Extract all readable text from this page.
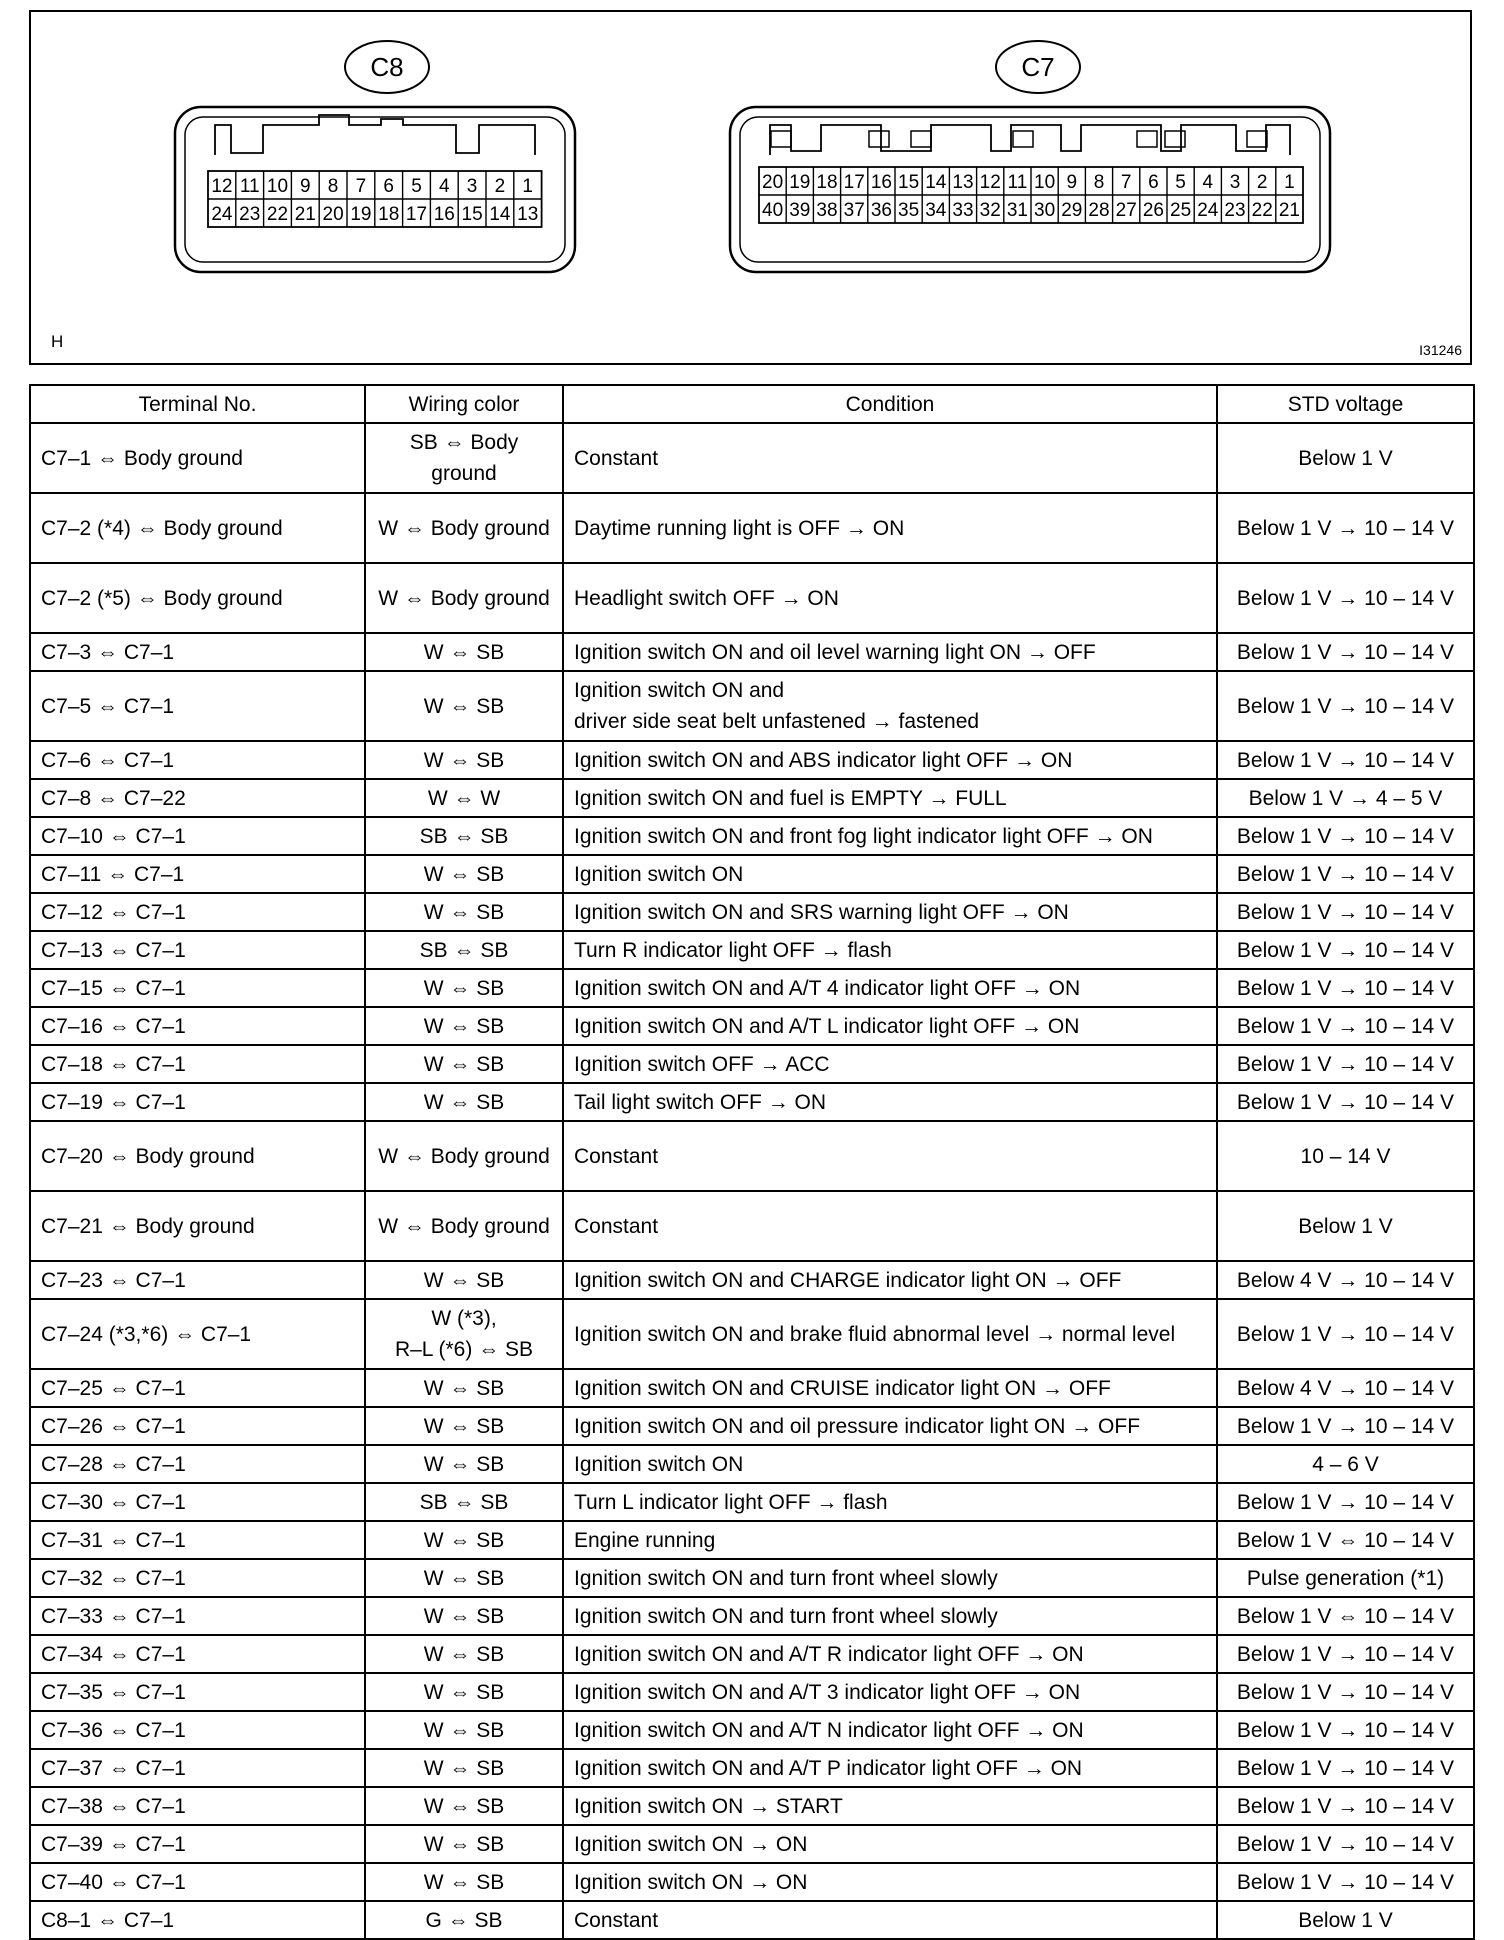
C8
12 11 10 9 8 7 6 5 4 3 2 1
24 23 22 21 20 19 18 17 16 15 14 13
C7
20 19 18 17 16 15 14 13 12 11 10 9 8 7 6 5 4 3 2 1
40 39 38 37 36 35 34 33 32 31 30 29 28 27 26 25 24 23 22 21
H	I31246
Terminal No.	Wiring color	Condition	STD voltage
C7–1 ⇔ Body ground	SB ⇔ Body ground	Constant	Below 1 V
C7–2 (*4) ⇔ Body ground	W ⇔ Body ground	Daytime running light is OFF → ON	Below 1 V → 10 – 14 V
C7–2 (*5) ⇔ Body ground	W ⇔ Body ground	Headlight switch OFF → ON	Below 1 V → 10 – 14 V
C7–3 ⇔ C7–1	W ⇔ SB	Ignition switch ON and oil level warning light ON → OFF	Below 1 V → 10 – 14 V
C7–5 ⇔ C7–1	W ⇔ SB	Ignition switch ON and
driver side seat belt unfastened → fastened	Below 1 V → 10 – 14 V
C7–6 ⇔ C7–1	W ⇔ SB	Ignition switch ON and ABS indicator light OFF → ON	Below 1 V → 10 – 14 V
C7–8 ⇔ C7–22	W ⇔ W	Ignition switch ON and fuel is EMPTY → FULL	Below 1 V → 4 – 5 V
C7–10 ⇔ C7–1	SB ⇔ SB	Ignition switch ON and front fog light indicator light OFF → ON	Below 1 V → 10 – 14 V
C7–11 ⇔ C7–1	W ⇔ SB	Ignition switch ON	Below 1 V → 10 – 14 V
C7–12 ⇔ C7–1	W ⇔ SB	Ignition switch ON and SRS warning light OFF → ON	Below 1 V → 10 – 14 V
C7–13 ⇔ C7–1	SB ⇔ SB	Turn R indicator light OFF → flash	Below 1 V → 10 – 14 V
C7–15 ⇔ C7–1	W ⇔ SB	Ignition switch ON and A/T 4 indicator light OFF → ON	Below 1 V → 10 – 14 V
C7–16 ⇔ C7–1	W ⇔ SB	Ignition switch ON and A/T L indicator light OFF → ON	Below 1 V → 10 – 14 V
C7–18 ⇔ C7–1	W ⇔ SB	Ignition switch OFF → ACC	Below 1 V → 10 – 14 V
C7–19 ⇔ C7–1	W ⇔ SB	Tail light switch OFF → ON	Below 1 V → 10 – 14 V
C7–20 ⇔ Body ground	W ⇔ Body ground	Constant	10 – 14 V
C7–21 ⇔ Body ground	W ⇔ Body ground	Constant	Below 1 V
C7–23 ⇔ C7–1	W ⇔ SB	Ignition switch ON and CHARGE indicator light ON → OFF	Below 4 V → 10 – 14 V
C7–24 (*3,*6) ⇔ C7–1	W (*3),
R–L (*6) ⇔ SB	Ignition switch ON and brake fluid abnormal level → normal level	Below 1 V → 10 – 14 V
C7–25 ⇔ C7–1	W ⇔ SB	Ignition switch ON and CRUISE indicator light ON → OFF	Below 4 V → 10 – 14 V
C7–26 ⇔ C7–1	W ⇔ SB	Ignition switch ON and oil pressure indicator light ON → OFF	Below 1 V → 10 – 14 V
C7–28 ⇔ C7–1	W ⇔ SB	Ignition switch ON	4 – 6 V
C7–30 ⇔ C7–1	SB ⇔ SB	Turn L indicator light OFF → flash	Below 1 V → 10 – 14 V
C7–31 ⇔ C7–1	W ⇔ SB	Engine running	Below 1 V ⇔ 10 – 14 V
C7–32 ⇔ C7–1	W ⇔ SB	Ignition switch ON and turn front wheel slowly	Pulse generation (*1)
C7–33 ⇔ C7–1	W ⇔ SB	Ignition switch ON and turn front wheel slowly	Below 1 V ⇔ 10 – 14 V
C7–34 ⇔ C7–1	W ⇔ SB	Ignition switch ON and A/T R indicator light OFF → ON	Below 1 V → 10 – 14 V
C7–35 ⇔ C7–1	W ⇔ SB	Ignition switch ON and A/T 3 indicator light OFF → ON	Below 1 V → 10 – 14 V
C7–36 ⇔ C7–1	W ⇔ SB	Ignition switch ON and A/T N indicator light OFF → ON	Below 1 V → 10 – 14 V
C7–37 ⇔ C7–1	W ⇔ SB	Ignition switch ON and A/T P indicator light OFF → ON	Below 1 V → 10 – 14 V
C7–38 ⇔ C7–1	W ⇔ SB	Ignition switch ON → START	Below 1 V → 10 – 14 V
C7–39 ⇔ C7–1	W ⇔ SB	Ignition switch ON → ON	Below 1 V → 10 – 14 V
C7–40 ⇔ C7–1	W ⇔ SB	Ignition switch ON → ON	Below 1 V → 10 – 14 V
C8–1 ⇔ C7–1	G ⇔ SB	Constant	Below 1 V
